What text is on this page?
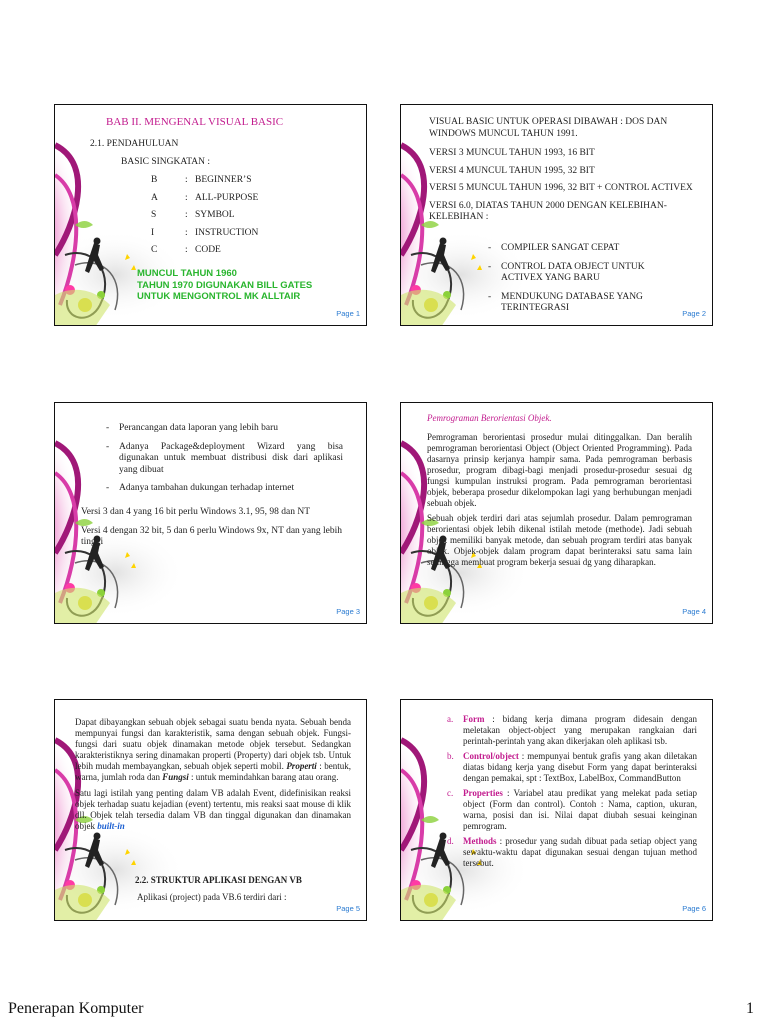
BAB II. MENGENAL VISUAL BASIC
2.1. PENDAHULUAN
BASIC SINGKATAN :
B	: BEGINNER’S
A	: ALL-PURPOSE
S	: SYMBOL
I	: INSTRUCTION
C	: CODE
MUNCUL TAHUN 1960
TAHUN 1970 DIGUNAKAN BILL GATES
UNTUK MENGONTROL MK ALLTAIR
Page 1

VISUAL BASIC UNTUK OPERASI DIBAWAH : DOS DAN WINDOWS MUNCUL TAHUN 1991.

VERSI 3 MUNCUL TAHUN 1993, 16 BIT

VERSI 4 MUNCUL TAHUN 1995, 32 BIT

VERSI 5 MUNCUL TAHUN 1996, 32 BIT + CONTROL ACTIVEX

VERSI 6.0, DIATAS TAHUN 2000 DENGAN KELEBIHAN-KELEBIHAN :

- COMPILER SANGAT CEPAT
- CONTROL DATA OBJECT UNTUK ACTIVEX YANG BARU
- MENDUKUNG DATABASE YANG TERINTEGRASI	Page 2
- Perancangan data laporan yang lebih baru
- Adanya Package&deployment Wizard yang bisa digunakan untuk membuat distribusi disk dari aplikasi yang dibuat
- Adanya tambahan dukungan terhadap internet

Versi 3 dan 4 yang 16 bit perlu Windows 3.1, 95, 98 dan NT

Versi 4 dengan 32 bit, 5 dan 6 perlu Windows 9x, NT dan yang lebih tinggi

Page 3
Pemrograman Berorientasi Objek.

Pemrograman berorientasi prosedur mulai ditinggalkan. Dan beralih pemrograman berorientasi Object (Object Oriented Programming). Pada dasarnya prinsip kerjanya hampir sama. Pada pemrograman berbasis prosedur, program dibagi-bagi menjadi prosedur-prosedur sesuai dg fungsi kumpulan instruksi program. Pada pemrograman berorientasi objek, beberapa prosedur dikelompokan lagi yang berhubungan menjadi sebuah objek.

Sebuah objek terdiri dari atas sejumlah prosedur. Dalam pemrograman berorientasi objek lebih dikenal istilah metode (methode). Jadi sebuah objek memiliki banyak metode, dan sebuah program terdiri atas banyak objek. Objek-objek dalam program dapat berinteraksi satu sama lain sehingga membuat program bekerja sesuai dg yang diharapkan.

Page 4

Dapat dibayangkan sebuah objek sebagai suatu benda nyata. Sebuah benda mempunyai fungsi dan karakteristik, sama dengan sebuah objek. Fungsi-fungsi dari suatu objek dinamakan metode objek tersebut. Sedangkan karakteristiknya sering dinamakan properti (Property) dari objek tsb. Untuk lebih mudah membayangkan, sebuah objek seperti mobil. Properti : bentuk, warna, jumlah roda dan Fungsi : untuk memindahkan barang atau orang.

Satu lagi istilah yang penting dalam VB adalah Event, didefinisikan reaksi objek terhadap suatu kejadian (event) tertentu, mis reaksi saat mouse di klik dll. Objek telah tersedia dalam VB dan tinggal digunakan dan dinamakan objek built-in

2.2. STRUKTUR APLIKASI DENGAN VB
Aplikasi (project) pada VB.6 terdiri dari :
Page 5
a.	Form : bidang kerja dimana program didesain dengan meletakan object-object yang merupakan rangkaian dari perintah-perintah yang akan dikerjakan oleh aplikasi tsb.
b.	Control/object : mempunyai bentuk grafis yang akan diletakan diatas bidang kerja yang disebut Form yang dapat berinteraksi dengan pemakai, spt : TextBox, LabelBox, CommandButton
c.	Properties : Variabel atau predikat yang melekat pada setiap object (Form dan control). Contoh : Nama, caption, ukuran, warna, posisi dan isi. Nilai dapat diubah sesuai keinginan pemrogram.
d.	Methods : prosedur yang sudah dibuat pada setiap object yang sewaktu-waktu dapat digunakan sesuai dengan tujuan method tersebut.
Page 6
Penerapan Komputer	1
